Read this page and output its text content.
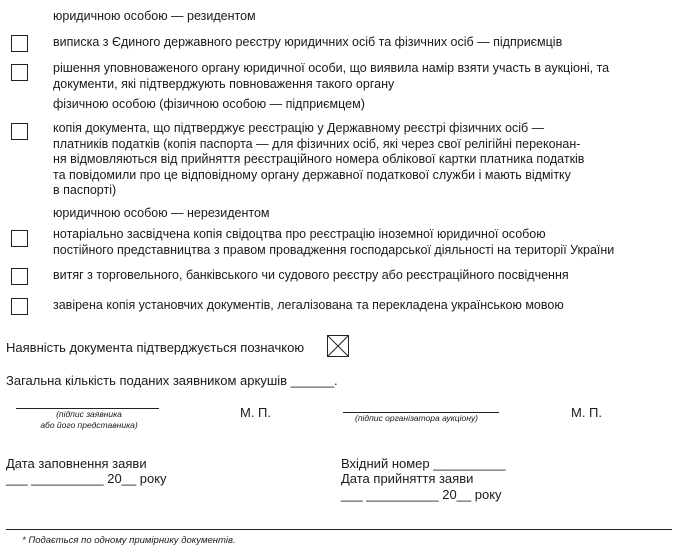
юридичною особою — резидентом
виписка з Єдиного державного реєстру юридичних осіб та фізичних осіб — підприємців
рішення уповноваженого органу юридичної особи, що виявила намір взяти участь в аукціоні, та
документи, які підтверджують повноваження такого органу
фізичною особою (фізичною особою — підприємцем)
копія документа, що підтверджує реєстрацію у Державному реєстрі фізичних осіб —
платників податків (копія паспорта — для фізичних осіб, які через свої релігійні переконан-
ня відмовляються від прийняття реєстраційного номера облікової картки платника податків
та повідомили про це відповідному органу державної податкової служби і мають відмітку
в паспорті)
юридичною особою — нерезидентом
нотаріально засвідчена копія свідоцтва про реєстрацію іноземної юридичної особою
постійного представництва з правом провадження господарської діяльності на території України
витяг з торговельного, банківського чи судового реєстру або реєстраційного посвідчення
завірена копія установчих документів, легалізована та перекладена українською мовою
Наявність документа підтверджується позначкою
Загальна кількість поданих заявником аркушів ______.
(підпис заявника
або його представника)
М. П.	(підпис організатора аукціону)	М. П.
Дата заповнення заяви
___ __________ 20__ року
Вхідний номер __________
Дата прийняття заяви
___ __________ 20__ року
* Подається по одному примірнику документів.
